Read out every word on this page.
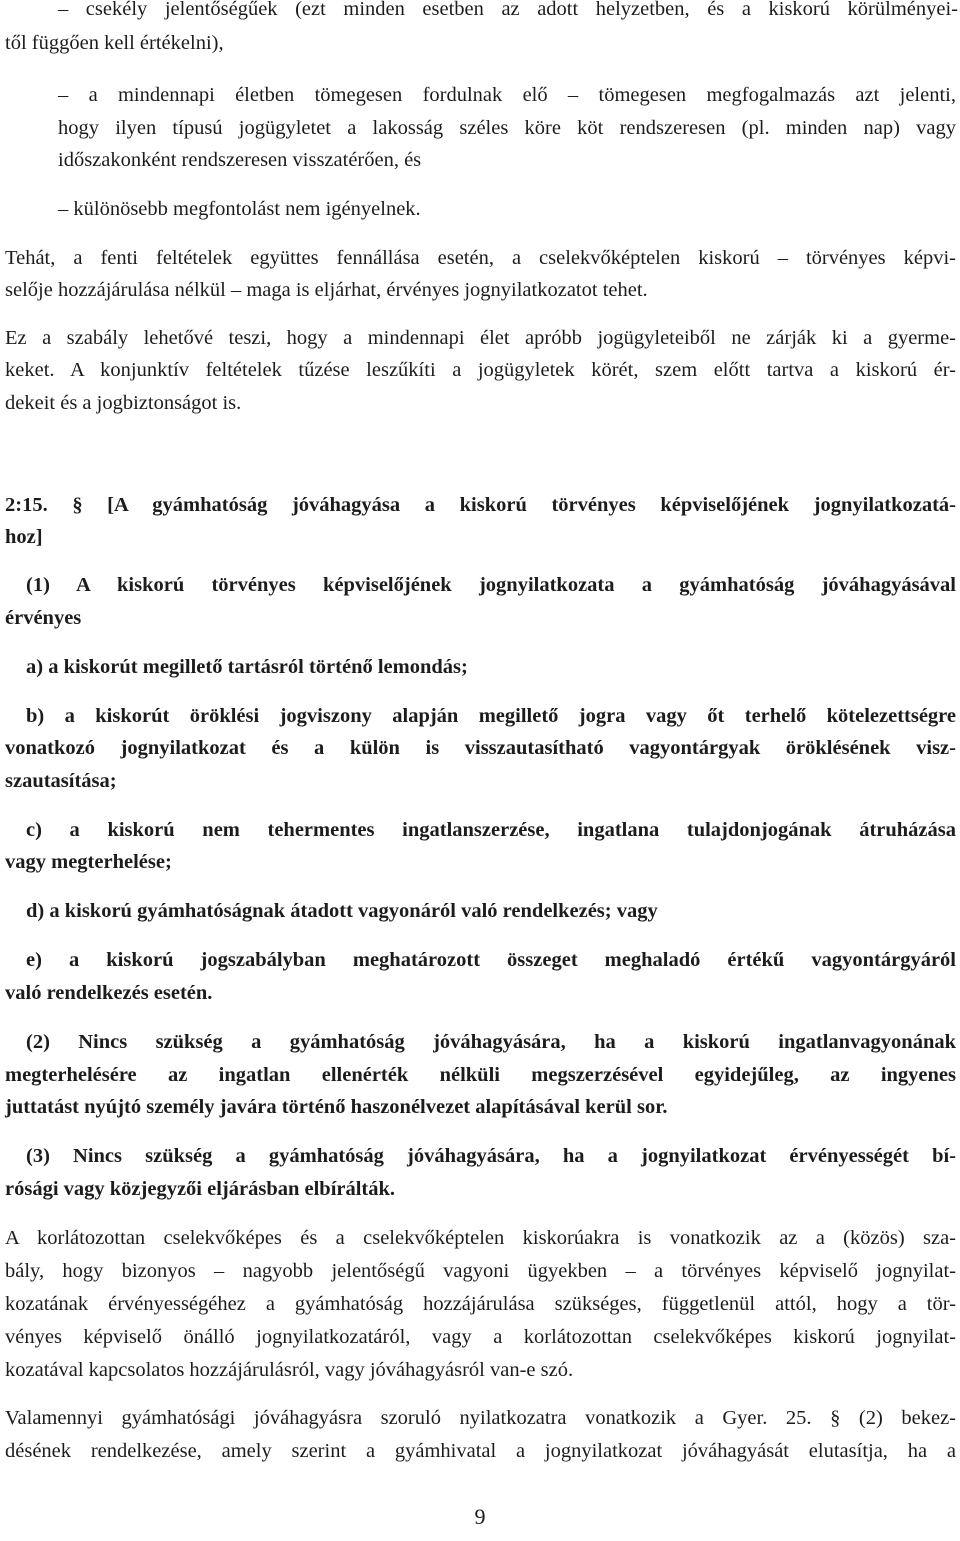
– csekély jelentőségűek (ezt minden esetben az adott helyzetben, és a kiskorú körülményei-
től függően kell értékelni),
– a mindennapi életben tömegesen fordulnak elő – tömegesen megfogalmazás azt jelenti,
hogy ilyen típusú jogügyletet a lakosság széles köre köt rendszeresen (pl. minden nap) vagy
időszakonként rendszeresen visszatérően, és
– különösebb megfontolást nem igényelnek.
Tehát, a fenti feltételek együttes fennállása esetén, a cselekvőképtelen kiskorú – törvényes képvi-
selője hozzájárulása nélkül – maga is eljárhat, érvényes jognyilatkozatot tehet.
Ez a szabály lehetővé teszi, hogy a mindennapi élet apróbb jogügyleteiből ne zárják ki a gyerme-
keket. A konjunktív feltételek tűzése leszűkíti a jogügyletek körét, szem előtt tartva a kiskorú ér-
dekeit és a jogbiztonságot is.
2:15. § [A gyámhatóság jóváhagyása a kiskorú törvényes képviselőjének jognyilatkozatá-
hoz]
(1) A kiskorú törvényes képviselőjének jognyilatkozata a gyámhatóság jóváhagyásával
érvényes
a) a kiskorút megillető tartásról történő lemondás;
b) a kiskorút öröklési jogviszony alapján megillető jogra vagy őt terhelő kötelezettségre
vonatkozó jognyilatkozat és a külön is visszautasítható vagyontárgyak öröklésének visz-
szautasítása;
c) a kiskorú nem tehermentes ingatlanszerzése, ingatlana tulajdonjogának átruházása
vagy megterhelése;
d) a kiskorú gyámhatóságnak átadott vagyonáról való rendelkezés; vagy
e) a kiskorú jogszabályban meghatározott összeget meghaladó értékű vagyontárgyáról
való rendelkezés esetén.
(2) Nincs szükség a gyámhatóság jóváhagyására, ha a kiskorú ingatlanvagyonának
megterhelésére az ingatlan ellenérték nélküli megszerzésével egyidejűleg, az ingyenes
juttatást nyújtó személy javára történő haszonélvezet alapításával kerül sor.
(3) Nincs szükség a gyámhatóság jóváhagyására, ha a jognyilatkozat érvényességét bí-
rósági vagy közjegyzői eljárásban elbírálták.
A korlátozottan cselekvőképes és a cselekvőképtelen kiskorúakra is vonatkozik az a (közös) sza-
bály, hogy bizonyos – nagyobb jelentőségű vagyoni ügyekben – a törvényes képviselő jognyilat-
kozatának érvényességéhez a gyámhatóság hozzájárulása szükséges, függetlenül attól, hogy a tör-
vényes képviselő önálló jognyilatkozatáról, vagy a korlátozottan cselekvőképes kiskorú jognyilat-
kozatával kapcsolatos hozzájárulásról, vagy jóváhagyásról van-e szó.
Valamennyi gyámhatósági jóváhagyásra szoruló nyilatkozatra vonatkozik a Gyer. 25. § (2) bekez-
désének rendelkezése, amely szerint a gyámhivatal a jognyilatkozat jóváhagyását elutasítja, ha a
9
